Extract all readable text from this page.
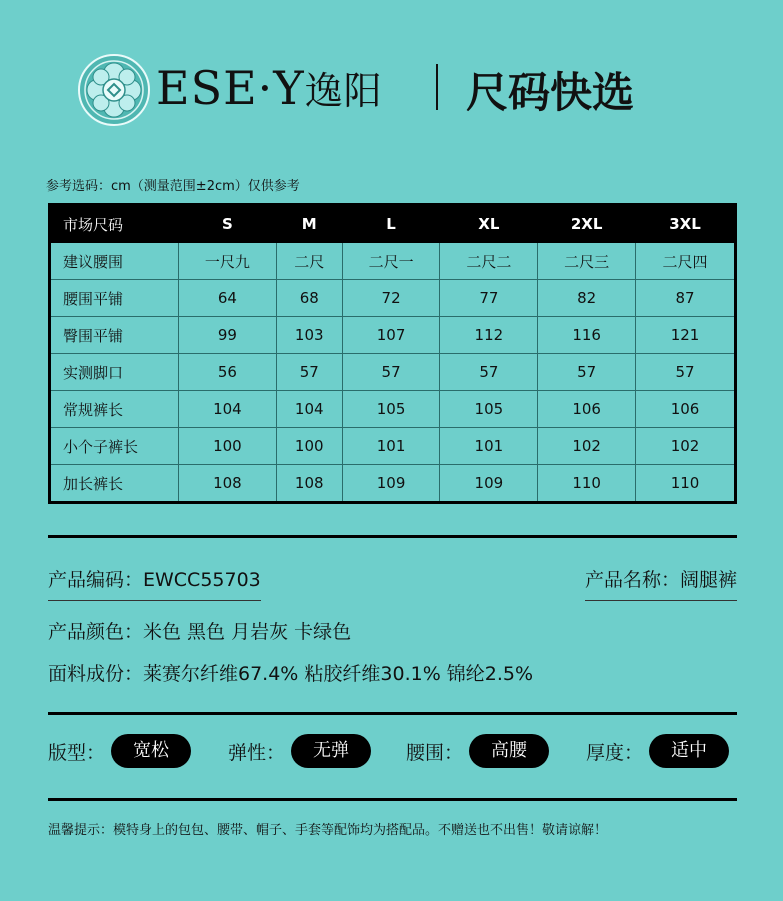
ESE·Y逸阳 尺码快选
参考选码：cm（测量范围±2cm）仅供参考
市场尺码	S	M	L	XL	2XL	3XL
建议腰围	一尺九	二尺	二尺一	二尺二	二尺三	二尺四
腰围平铺	64	68	72	77	82	87
臀围平铺	99	103	107	112	116	121
实测脚口	56	57	57	57	57	57
常规裤长	104	104	105	105	106	106
小个子裤长	100	100	101	101	102	102
加长裤长	108	108	109	109	110	110
产品编码：EWCC55703	产品名称：阔腿裤
产品颜色：米色 黑色 月岩灰 卡绿色
面料成份：莱赛尔纤维67.4% 粘胶纤维30.1% 锦纶2.5%
版型：	宽松	弹性：	无弹	腰围：	高腰	厚度：	适中
温馨提示：模特身上的包包、腰带、帽子、手套等配饰均为搭配品。不赠送也不出售！敬请谅解！
